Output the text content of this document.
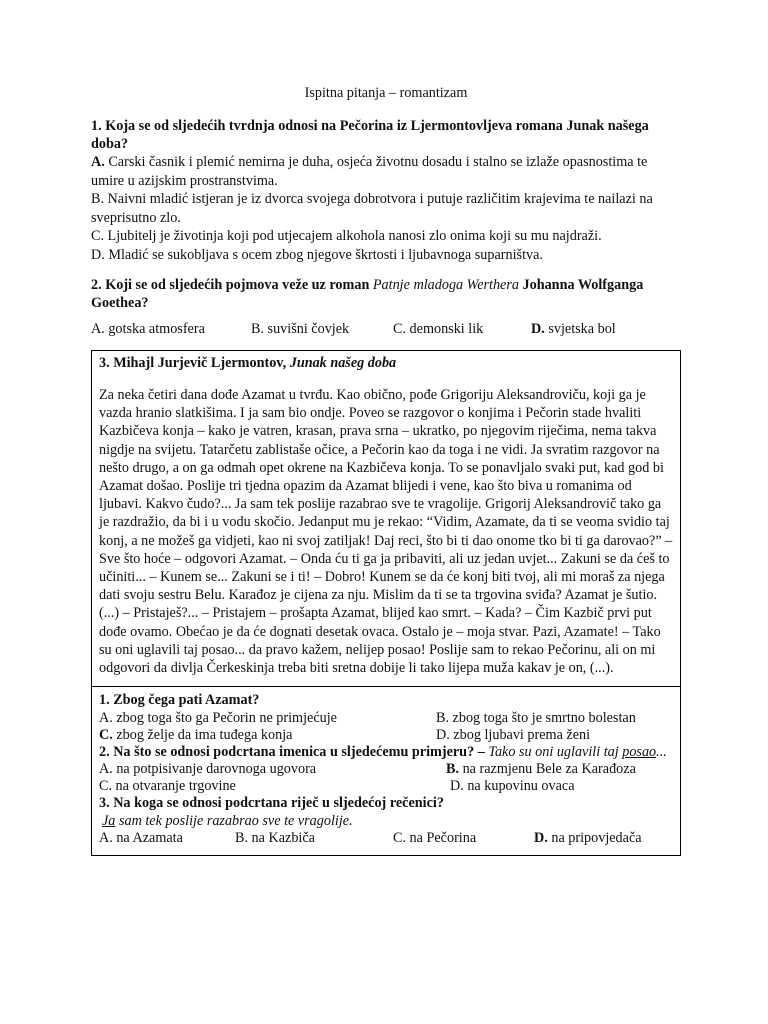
Ispitna pitanja – romantizam

1. Koja se od sljedećih tvrdnja odnosi na Pečorina iz Ljermontovljeva romana Junak našega doba?

A. Carski časnik i plemić nemirna je duha, osjeća životnu dosadu i stalno se izlaže opasnostima te umire u azijskim prostranstvima.

B. Naivni mladić istjeran je iz dvorca svojega dobrotvora i putuje različitim krajevima te nailazi na sveprisutno zlo.

C. Ljubitelj je životinja koji pod utjecajem alkohola nanosi zlo onima koji su mu najdraži.

D. Mladić se sukobljava s ocem zbog njegove škrtosti i ljubavnoga suparništva.

2. Koji se od sljedećih pojmova veže uz roman Patnje mladoga Werthera Johanna Wolfganga Goethea?

A. gotska atmosfera	B. suvišni čovjek	C. demonski lik	D. svjetska bol

3. Mihajl Jurjevič Ljermontov, Junak našeg doba

Za neka četiri dana dođe Azamat u tvrđu. Kao obično, pođe Grigoriju Aleksandroviču, koji ga je vazda hranio slatkišima. I ja sam bio ondje. Poveo se razgovor o konjima i Pečorin stade hvaliti Kazbičeva konja – kako je vatren, krasan, prava srna – ukratko, po njegovim riječima, nema takva nigdje na svijetu. Tatarčetu zablistaše očice, a Pečorin kao da toga i ne vidi. Ja svratim razgovor na nešto drugo, a on ga odmah opet okrene na Kazbičeva konja. To se ponavljalo svaki put, kad god bi Azamat došao. Poslije tri tjedna opazim da Azamat blijedi i vene, kao što biva u romanima od ljubavi. Kakvo čudo?... Ja sam tek poslije razabrao sve te vragolije. Grigorij Aleksandrovič tako ga je razdražio, da bi i u vodu skočio. Jedanput mu je rekao: “Vidim, Azamate, da ti se veoma svidio taj konj, a ne možeš ga vidjeti, kao ni svoj zatiljak! Daj reci, što bi ti dao onome tko bi ti ga darovao?” – Sve što hoće – odgovori Azamat. – Onda ću ti ga ja pribaviti, ali uz jedan uvjet... Zakuni se da ćeš to učiniti... – Kunem se... Zakuni se i ti! – Dobro! Kunem se da će konj biti tvoj, ali mi moraš za njega dati svoju sestru Belu. Karađoz je cijena za nju. Mislim da ti se ta trgovina sviđa? Azamat je šutio. (...) – Pristaješ?... – Pristajem – prošapta Azamat, blijed kao smrt. – Kada? – Čim Kazbič prvi put dođe ovamo. Obećao je da će dognati desetak ovaca. Ostalo je – moja stvar. Pazi, Azamate! – Tako su oni uglavili taj posao... da pravo kažem, nelijep posao! Poslije sam to rekao Pečorinu, ali on mi odgovori da divlja Čerkeskinja treba biti sretna dobije li tako lijepa muža kakav je on, (...).

1. Zbog čega pati Azamat?

A. zbog toga što ga Pečorin ne primjećuje	B. zbog toga što je smrtno bolestan
C. zbog želje da ima tuđega konja	D. zbog ljubavi prema ženi

2. Na što se odnosi podcrtana imenica u sljedećemu primjeru? – Tako su oni uglavili taj posao...

A. na potpisivanje darovnoga ugovora	B. na razmjenu Bele za Karađoza
C. na otvaranje trgovine	D. na kupovinu ovaca

3. Na koga se odnosi podcrtana riječ u sljedećoj rečenici?

Ja sam tek poslije razabrao sve te vragolije.

A. na Azamata	B. na Kazbiča	C. na Pečorina	D. na pripovjedača
